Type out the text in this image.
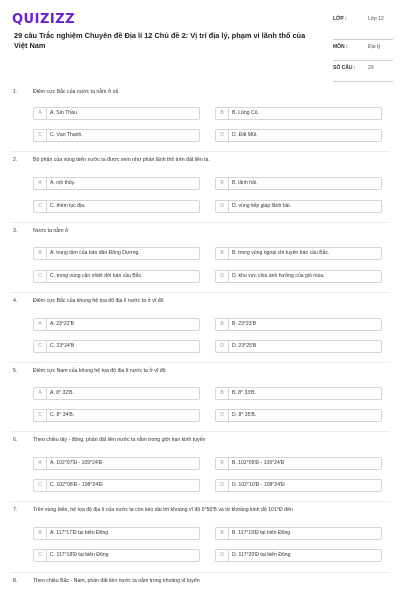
QUIZIZZ
29 câu Trắc nghiệm Chuyên đề Địa lí 12 Chủ đề 2: Vị trí địa lý, phạm vi lãnh thổ của Việt Nam
LỚP :	Lớp 12
MÔN :	Địa lý
SỐ CÂU :	29
1.	Điểm cực Bắc của nước ta nằm ở xã
A	A. Sín Thầu	B	B. Lũng Cú.
C	C. Vạn Thạnh.	D	D. Đất Mũi.
2.	Bộ phận của vùng biển nước ta được xem như phần lãnh thổ trên đất liền là.
A	A. nội thủy.	B	B. lãnh hải.
C	C. thềm lục địa.	D	D. vùng tiếp giáp lãnh hải.
3.	Nước ta nằm ở
A	A. trung tâm của bán đảo Đông Dương.	B	B. trong vùng ngoại chí tuyến bán cầu Bắc.
C	C. trong vùng cận nhiệt đới bán cầu Bắc.	D	D. khu vực chịu ảnh hưởng của gió mùa.
4.	Điểm cực Bắc của khung hệ tọa độ địa lí nước ta ở vĩ độ
A	A. 23°22'B	B	B. 23°23'B
C	C. 23°24'B	D	D. 23°25'B
5.	Điểm cực Nam của khung hệ tọa độ địa lí nước ta ở vĩ độ
A	A. 8° 32'B.	B	B. 8° 33'B.
C	C. 8° 34'B.	D	D. 8° 35'B.
6.	Theo chiều tây - đông, phần đất liền nước ta nằm trong giới hạn kinh tuyến
A	A. 102°07'Đ - 109°24'Đ	B	B. 102°09'Đ - 109°24'Đ
C	C. 102°08'Đ - 108°24'Đ	D	D. 102°10'Đ - 108°24'Đ
7.	Trên vùng biển, hệ tọa độ địa lí của nước ta còn kéo dài tới khoảng vĩ độ 6°50'B và từ khoảng kinh độ 101°Đ đến
A	A. 117°17'Đ tại biển Đông	B	B. 117°19'Đ tại biển Đông
C	C. 117°18'Đ tại biển Đông	D	D. 117°20'Đ tại biển Đông
8.	Theo chiều Bắc - Nam, phần đất liền nước ta nằm trong khoảng vĩ tuyến
